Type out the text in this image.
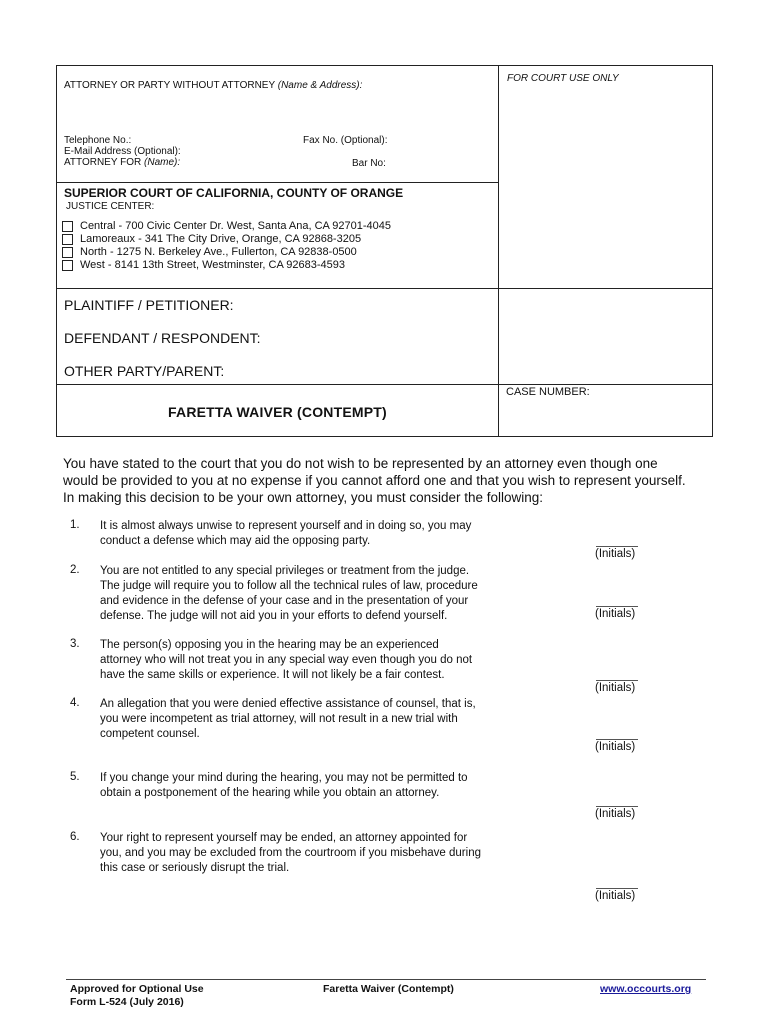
ATTORNEY OR PARTY WITHOUT ATTORNEY (Name & Address):
FOR COURT USE ONLY
Telephone No.:	Fax No. (Optional):
E-Mail Address (Optional):
ATTORNEY FOR (Name):	Bar No:
SUPERIOR COURT OF CALIFORNIA, COUNTY OF ORANGE
JUSTICE CENTER:
Central - 700 Civic Center Dr. West, Santa Ana, CA 92701-4045
Lamoreaux - 341 The City Drive, Orange, CA 92868-3205
North - 1275 N. Berkeley Ave., Fullerton, CA 92838-0500
West - 8141 13th Street, Westminster, CA 92683-4593
PLAINTIFF / PETITIONER:
DEFENDANT / RESPONDENT:
OTHER PARTY/PARENT:
CASE NUMBER:
FARETTA WAIVER (CONTEMPT)
You have stated to the court that you do not wish to be represented by an attorney even though one
would be provided to you at no expense if you cannot afford one and that you wish to represent yourself.
In making this decision to be your own attorney, you must consider the following:
1. It is almost always unwise to represent yourself and in doing so, you may
conduct a defense which may aid the opposing party.
(Initials)
2. You are not entitled to any special privileges or treatment from the judge.
The judge will require you to follow all the technical rules of law, procedure
and evidence in the defense of your case and in the presentation of your
defense. The judge will not aid you in your efforts to defend yourself.	(Initials)
3. The person(s) opposing you in the hearing may be an experienced
attorney who will not treat you in any special way even though you do not
have the same skills or experience. It will not likely be a fair contest.
(Initials)
4. An allegation that you were denied effective assistance of counsel, that is,
you were incompetent as trial attorney, will not result in a new trial with
competent counsel.
(Initials)
5. If you change your mind during the hearing, you may not be permitted to
obtain a postponement of the hearing while you obtain an attorney.
(Initials)
6. Your right to represent yourself may be ended, an attorney appointed for
you, and you may be excluded from the courtroom if you misbehave during
this case or seriously disrupt the trial.
(Initials)
Approved for Optional Use
Form L-524 (July 2016)
Faretta Waiver (Contempt)	www.occourts.org
